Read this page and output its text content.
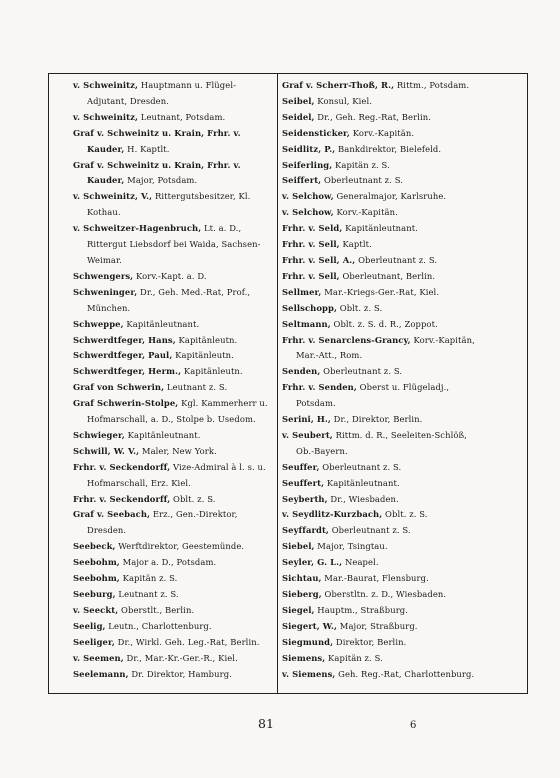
v. Schweinitz, Hauptmann u. Flügel-Adjutant, Dresden.
v. Schweinitz, Leutnant, Potsdam.
Graf v. Schweinitz u. Krain, Frhr. v. Kauder, H. Kaptlt.
Graf v. Schweinitz u. Krain, Frhr. v. Kauder, Major, Potsdam.
v. Schweinitz, V., Rittergutsbesitzer, Kl. Kothau.
v. Schweitzer-Hagenbruch, Lt. a. D., Rittergut Liebsdorf bei Waida, Sachsen-Weimar.
Schwengers, Korv.-Kapt. a. D.
Schweninger, Dr., Geh. Med.-Rat, Prof., München.
Schweppe, Kapitänleutnant.
Schwerdtfeger, Hans, Kapitänleutn.
Schwerdtfeger, Paul, Kapitänleutn.
Schwerdtfeger, Herm., Kapitänleutn.
Graf von Schwerin, Leutnant z. S.
Graf Schwerin-Stolpe, Kgl. Kammerherr u. Hofmarschall, a. D., Stolpe b. Usedom.
Schwieger, Kapitänleutnant.
Schwill, W. V., Maler, New York.
Frhr. v. Seckendorff, Vize-Admiral à l. s. u. Hofmarschall, Erz. Kiel.
Frhr. v. Seckendorff, Oblt. z. S.
Graf v. Seebach, Erz., Gen.-Direktor, Dresden.
Seebeck, Werftdirektor, Geestemünde.
Seebohm, Major a. D., Potsdam.
Seebohm, Kapitän z. S.
Seeburg, Leutnant z. S.
v. Seeckt, Oberstlt., Berlin.
Seelig, Leutn., Charlottenburg.
Seeliger, Dr., Wirkl. Geh. Leg.-Rat, Berlin.
v. Seemen, Dr., Mar.-Kr.-Ger.-R., Kiel.
Seelemann, Dr. Direktor, Hamburg.
Graf v. Scherr-Thoß, R., Rittm., Potsdam.
Seibel, Konsul, Kiel.
Seidel, Dr., Geh. Reg.-Rat, Berlin.
Seidensticker, Korv.-Kapitän.
Seidlitz, P., Bankdirektor, Bielefeld.
Seiferling, Kapitän z. S.
Seiffert, Oberleutnant z. S.
v. Selchow, Generalmajor, Karlsruhe.
v. Selchow, Korv.-Kapitän.
Frhr. v. Seld, Kapitänleutnant.
Frhr. v. Sell, Kaptlt.
Frhr. v. Sell, A., Oberleutnant z. S.
Frhr. v. Sell, Oberleutnant, Berlin.
Sellmer, Mar.-Kriegs-Ger.-Rat, Kiel.
Sellschopp, Oblt. z. S.
Seltmann, Oblt. z. S. d. R., Zoppot.
Frhr. v. Senarclens-Grancy, Korv.-Kapitän, Mar.-Att., Rom.
Senden, Oberleutnant z. S.
Frhr. v. Senden, Oberst u. Flügeladj., Potsdam.
Serini, H., Dr., Direktor, Berlin.
v. Seubert, Rittm. d. R., Seeleiten-Schlöß, Ob.-Bayern.
Seuffer, Oberleutnant z. S.
Seuffert, Kapitänleutnant.
Seyberth, Dr., Wiesbaden.
v. Seydlitz-Kurzbach, Oblt. z. S.
Seyffardt, Oberleutnant z. S.
Siebel, Major, Tsingtau.
Seyler, G. L., Neapel.
Sichtau, Mar.-Baurat, Flensburg.
Sieberg, Oberstltn. z. D., Wiesbaden.
Siegel, Hauptm., Straßburg.
Siegert, W., Major, Straßburg.
Siegmund, Direktor, Berlin.
Siemens, Kapitän z. S.
v. Siemens, Geh. Reg.-Rat, Charlottenburg.
81	6
